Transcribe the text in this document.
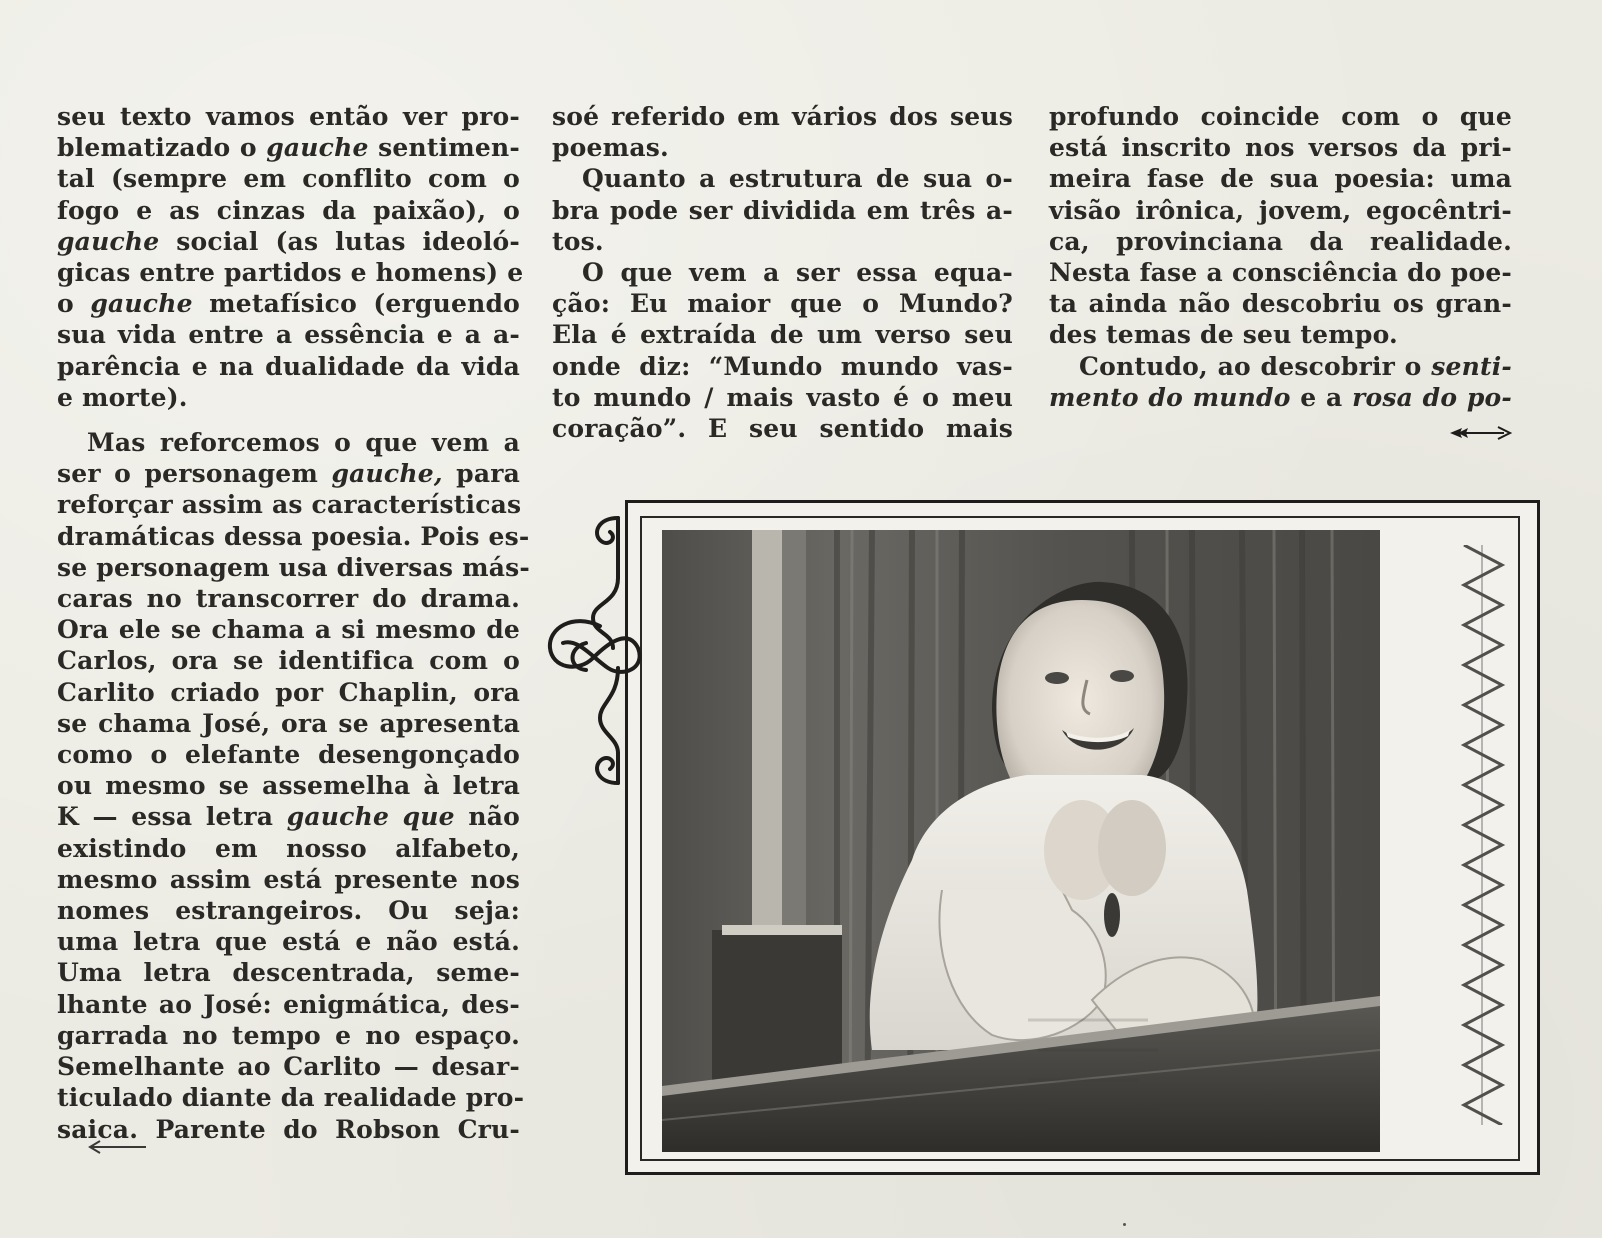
seu texto vamos então ver pro-
blematizado o gauche sentimen-
tal (sempre em conflito com o
fogo e as cinzas da paixão), o
gauche social (as lutas ideoló-
gicas entre partidos e homens) e
o gauche metafísico (erguendo
sua vida entre a essência e a a-
parência e na dualidade da vida
e morte).
Mas reforcemos o que vem a
ser o personagem gauche, para
reforçar assim as características
dramáticas dessa poesia. Pois es-
se personagem usa diversas más-
caras no transcorrer do drama.
Ora ele se chama a si mesmo de
Carlos, ora se identifica com o
Carlito criado por Chaplin, ora
se chama José, ora se apresenta
como o elefante desengonçado
ou mesmo se assemelha à letra
K — essa letra gauche que não
existindo em nosso alfabeto,
mesmo assim está presente nos
nomes estrangeiros. Ou seja:
uma letra que está e não está.
Uma letra descentrada, seme-
lhante ao José: enigmática, des-
garrada no tempo e no espaço.
Semelhante ao Carlito — desar-
ticulado diante da realidade pro-
saica. Parente do Robson Cru-
soé referido em vários dos seus
poemas.
Quanto a estrutura de sua o-
bra pode ser dividida em três a-
tos.
O que vem a ser essa equa-
ção: Eu maior que o Mundo?
Ela é extraída de um verso seu
onde diz: “Mundo mundo vas-
to mundo / mais vasto é o meu
coração”. E seu sentido mais
profundo coincide com o que
está inscrito nos versos da pri-
meira fase de sua poesia: uma
visão irônica, jovem, egocêntri-
ca, provinciana da realidade.
Nesta fase a consciência do poe-
ta ainda não descobriu os gran-
des temas de seu tempo.
Contudo, ao descobrir o senti-
mento do mundo e a rosa do po-
